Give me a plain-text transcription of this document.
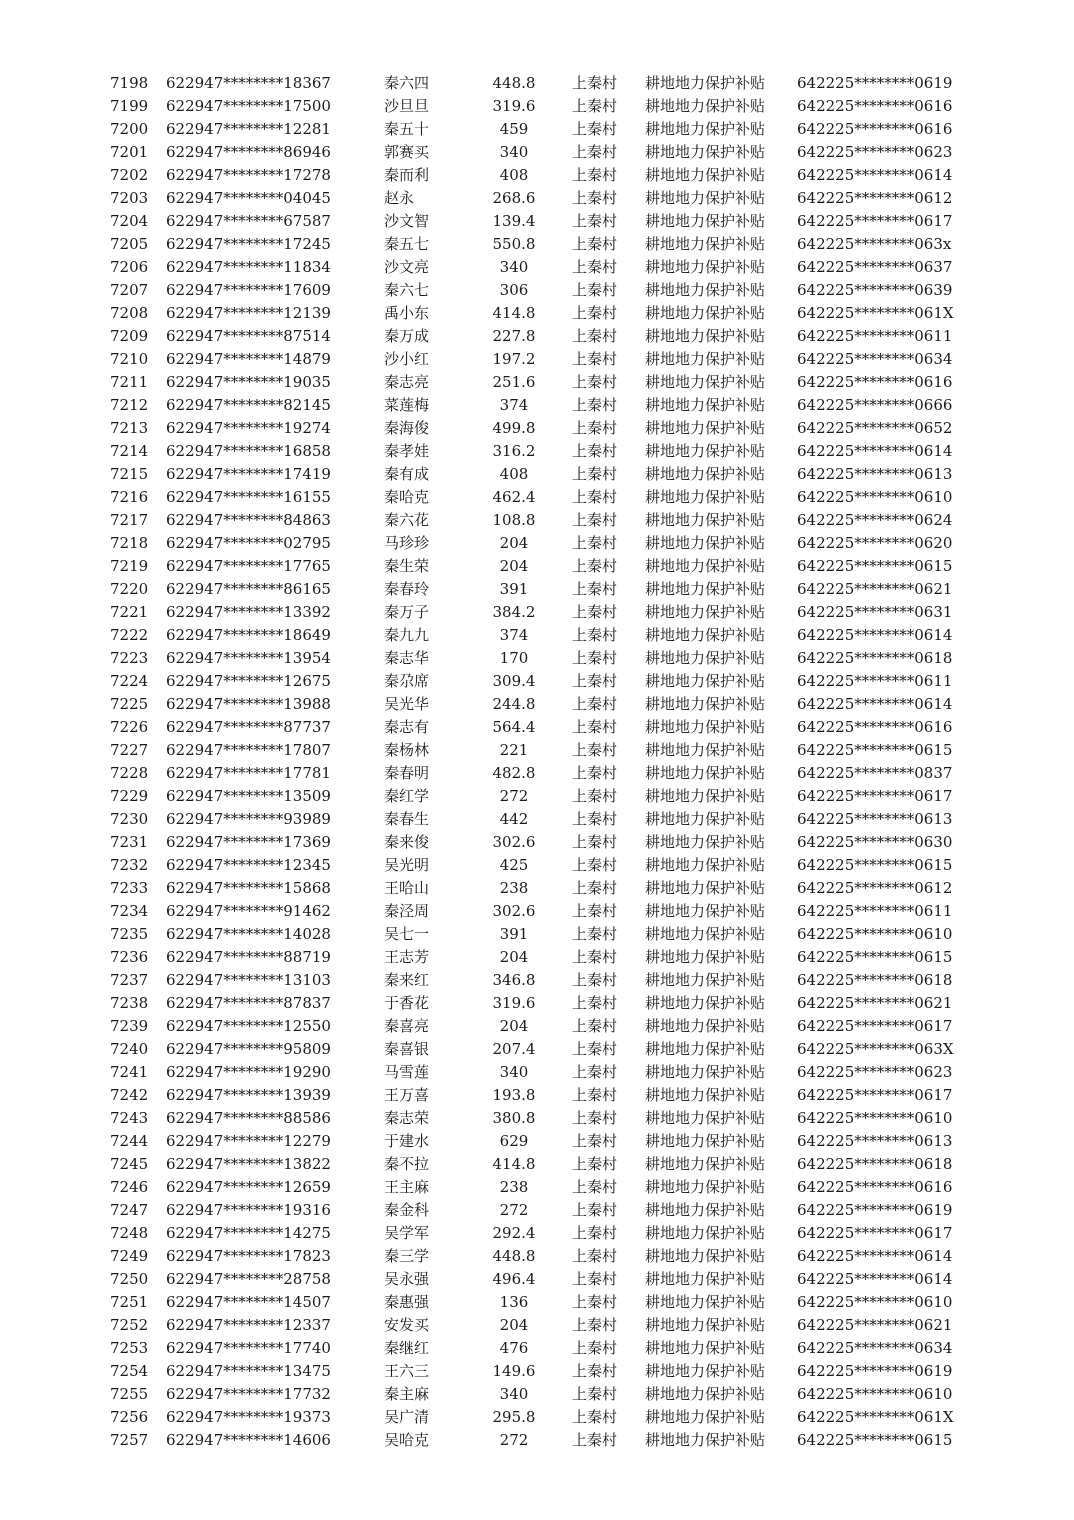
7198 622947********18367	秦六四	448.8	上秦村 耕地地力保护补贴 642225********0619
7199 622947********17500	沙旦旦	319.6	上秦村 耕地地力保护补贴 642225********0616
7200 622947********12281	秦五十	459	上秦村 耕地地力保护补贴 642225********0616
7201 622947********86946	郭赛买	340	上秦村 耕地地力保护补贴 642225********0623
7202 622947********17278	秦而利	408	上秦村 耕地地力保护补贴 642225********0614
7203 622947********04045	赵永	268.6	上秦村 耕地地力保护补贴 642225********0612
7204 622947********67587	沙文智	139.4	上秦村 耕地地力保护补贴 642225********0617
7205 622947********17245	秦五七	550.8	上秦村 耕地地力保护补贴 642225********063x
7206 622947********11834	沙文亮	340	上秦村 耕地地力保护补贴 642225********0637
7207 622947********17609	秦六七	306	上秦村 耕地地力保护补贴 642225********0639
7208 622947********12139	禹小东	414.8	上秦村 耕地地力保护补贴 642225********061X
7209 622947********87514	秦万成	227.8	上秦村 耕地地力保护补贴 642225********0611
7210 622947********14879	沙小红	197.2	上秦村 耕地地力保护补贴 642225********0634
7211 622947********19035	秦志亮	251.6	上秦村 耕地地力保护补贴 642225********0616
7212 622947********82145	菜莲梅	374	上秦村 耕地地力保护补贴 642225********0666
7213 622947********19274	秦海俊	499.8	上秦村 耕地地力保护补贴 642225********0652
7214 622947********16858	秦孝娃	316.2	上秦村 耕地地力保护补贴 642225********0614
7215 622947********17419	秦有成	408	上秦村 耕地地力保护补贴 642225********0613
7216 622947********16155	秦哈克	462.4	上秦村 耕地地力保护补贴 642225********0610
7217 622947********84863	秦六花	108.8	上秦村 耕地地力保护补贴 642225********0624
7218 622947********02795	马珍珍	204	上秦村 耕地地力保护补贴 642225********0620
7219 622947********17765	秦生荣	204	上秦村 耕地地力保护补贴 642225********0615
7220 622947********86165	秦春玲	391	上秦村 耕地地力保护补贴 642225********0621
7221 622947********13392	秦万子	384.2	上秦村 耕地地力保护补贴 642225********0631
7222 622947********18649	秦九九	374	上秦村 耕地地力保护补贴 642225********0614
7223 622947********13954	秦志华	170	上秦村 耕地地力保护补贴 642225********0618
7224 622947********12675	秦尕席	309.4	上秦村 耕地地力保护补贴 642225********0611
7225 622947********13988	吴光华	244.8	上秦村 耕地地力保护补贴 642225********0614
7226 622947********87737	秦志有	564.4	上秦村 耕地地力保护补贴 642225********0616
7227 622947********17807	秦杨林	221	上秦村 耕地地力保护补贴 642225********0615
7228 622947********17781	秦春明	482.8	上秦村 耕地地力保护补贴 642225********0837
7229 622947********13509	秦红学	272	上秦村 耕地地力保护补贴 642225********0617
7230 622947********93989	秦春生	442	上秦村 耕地地力保护补贴 642225********0613
7231 622947********17369	秦来俊	302.6	上秦村 耕地地力保护补贴 642225********0630
7232 622947********12345	吴光明	425	上秦村 耕地地力保护补贴 642225********0615
7233 622947********15868	王哈山	238	上秦村 耕地地力保护补贴 642225********0612
7234 622947********91462	秦泾周	302.6	上秦村 耕地地力保护补贴 642225********0611
7235 622947********14028	吴七一	391	上秦村 耕地地力保护补贴 642225********0610
7236 622947********88719	王志芳	204	上秦村 耕地地力保护补贴 642225********0615
7237 622947********13103	秦来红	346.8	上秦村 耕地地力保护补贴 642225********0618
7238 622947********87837	于香花	319.6	上秦村 耕地地力保护补贴 642225********0621
7239 622947********12550	秦喜亮	204	上秦村 耕地地力保护补贴 642225********0617
7240 622947********95809	秦喜银	207.4	上秦村 耕地地力保护补贴 642225********063X
7241 622947********19290	马雪莲	340	上秦村 耕地地力保护补贴 642225********0623
7242 622947********13939	王万喜	193.8	上秦村 耕地地力保护补贴 642225********0617
7243 622947********88586	秦志荣	380.8	上秦村 耕地地力保护补贴 642225********0610
7244 622947********12279	于建水	629	上秦村 耕地地力保护补贴 642225********0613
7245 622947********13822	秦不拉	414.8	上秦村 耕地地力保护补贴 642225********0618
7246 622947********12659	王主麻	238	上秦村 耕地地力保护补贴 642225********0616
7247 622947********19316	秦金科	272	上秦村 耕地地力保护补贴 642225********0619
7248 622947********14275	吴学军	292.4	上秦村 耕地地力保护补贴 642225********0617
7249 622947********17823	秦三学	448.8	上秦村 耕地地力保护补贴 642225********0614
7250 622947********28758	吴永强	496.4	上秦村 耕地地力保护补贴 642225********0614
7251 622947********14507	秦惠强	136	上秦村 耕地地力保护补贴 642225********0610
7252 622947********12337	安发买	204	上秦村 耕地地力保护补贴 642225********0621
7253 622947********17740	秦继红	476	上秦村 耕地地力保护补贴 642225********0634
7254 622947********13475	王六三	149.6	上秦村 耕地地力保护补贴 642225********0619
7255 622947********17732	秦主麻	340	上秦村 耕地地力保护补贴 642225********0610
7256 622947********19373	吴广清	295.8	上秦村 耕地地力保护补贴 642225********061X
7257 622947********14606	吴哈克	272	上秦村 耕地地力保护补贴 642225********0615
